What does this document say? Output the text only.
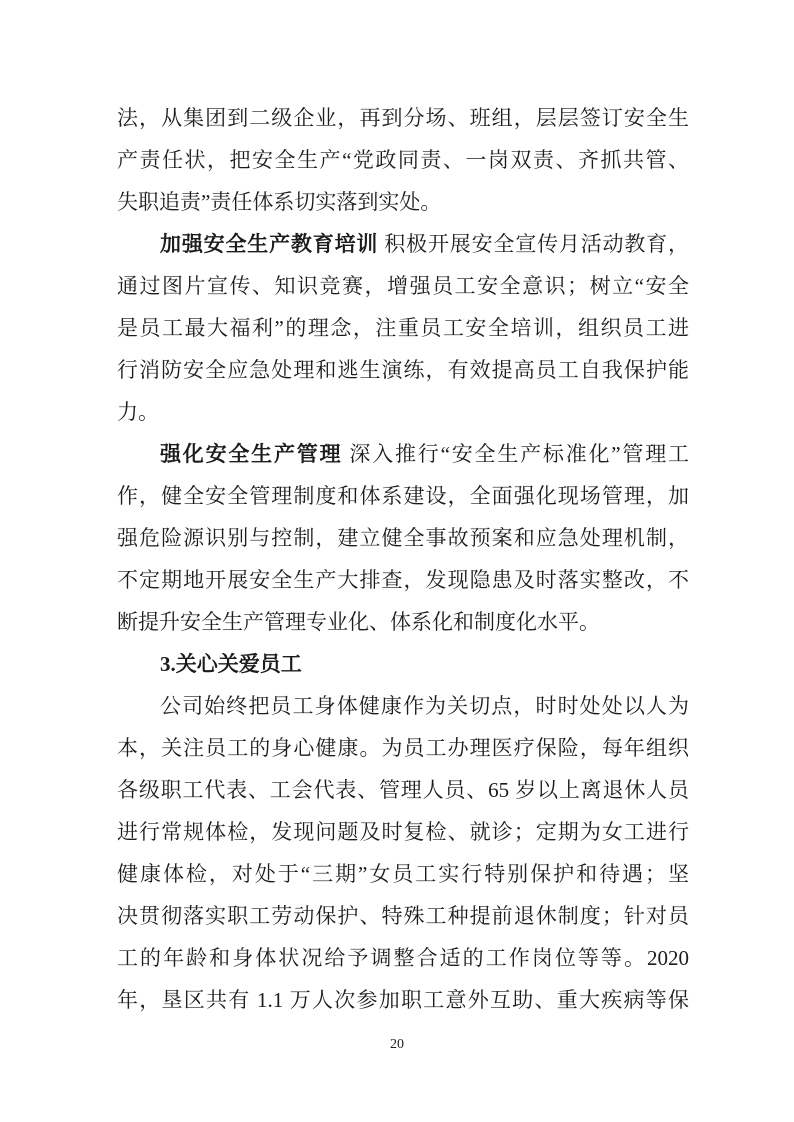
法，从集团到二级企业，再到分场、班组，层层签订安全生
产责任状，把安全生产“党政同责、一岗双责、齐抓共管、
失职追责”责任体系切实落到实处。
加强安全生产教育培训 积极开展安全宣传月活动教育，
通过图片宣传、知识竞赛，增强员工安全意识；树立“安全
是员工最大福利”的理念，注重员工安全培训，组织员工进
行消防安全应急处理和逃生演练，有效提高员工自我保护能
力。
强化安全生产管理 深入推行“安全生产标准化”管理工
作，健全安全管理制度和体系建设，全面强化现场管理，加
强危险源识别与控制，建立健全事故预案和应急处理机制，
不定期地开展安全生产大排查，发现隐患及时落实整改，不
断提升安全生产管理专业化、体系化和制度化水平。
3.关心关爱员工
公司始终把员工身体健康作为关切点，时时处处以人为
本，关注员工的身心健康。为员工办理医疗保险，每年组织
各级职工代表、工会代表、管理人员、65 岁以上离退休人员
进行常规体检，发现问题及时复检、就诊；定期为女工进行
健康体检，对处于“三期”女员工实行特别保护和待遇；坚
决贯彻落实职工劳动保护、特殊工种提前退休制度；针对员
工的年龄和身体状况给予调整合适的工作岗位等等。2020
年，垦区共有 1.1 万人次参加职工意外互助、重大疾病等保
20
